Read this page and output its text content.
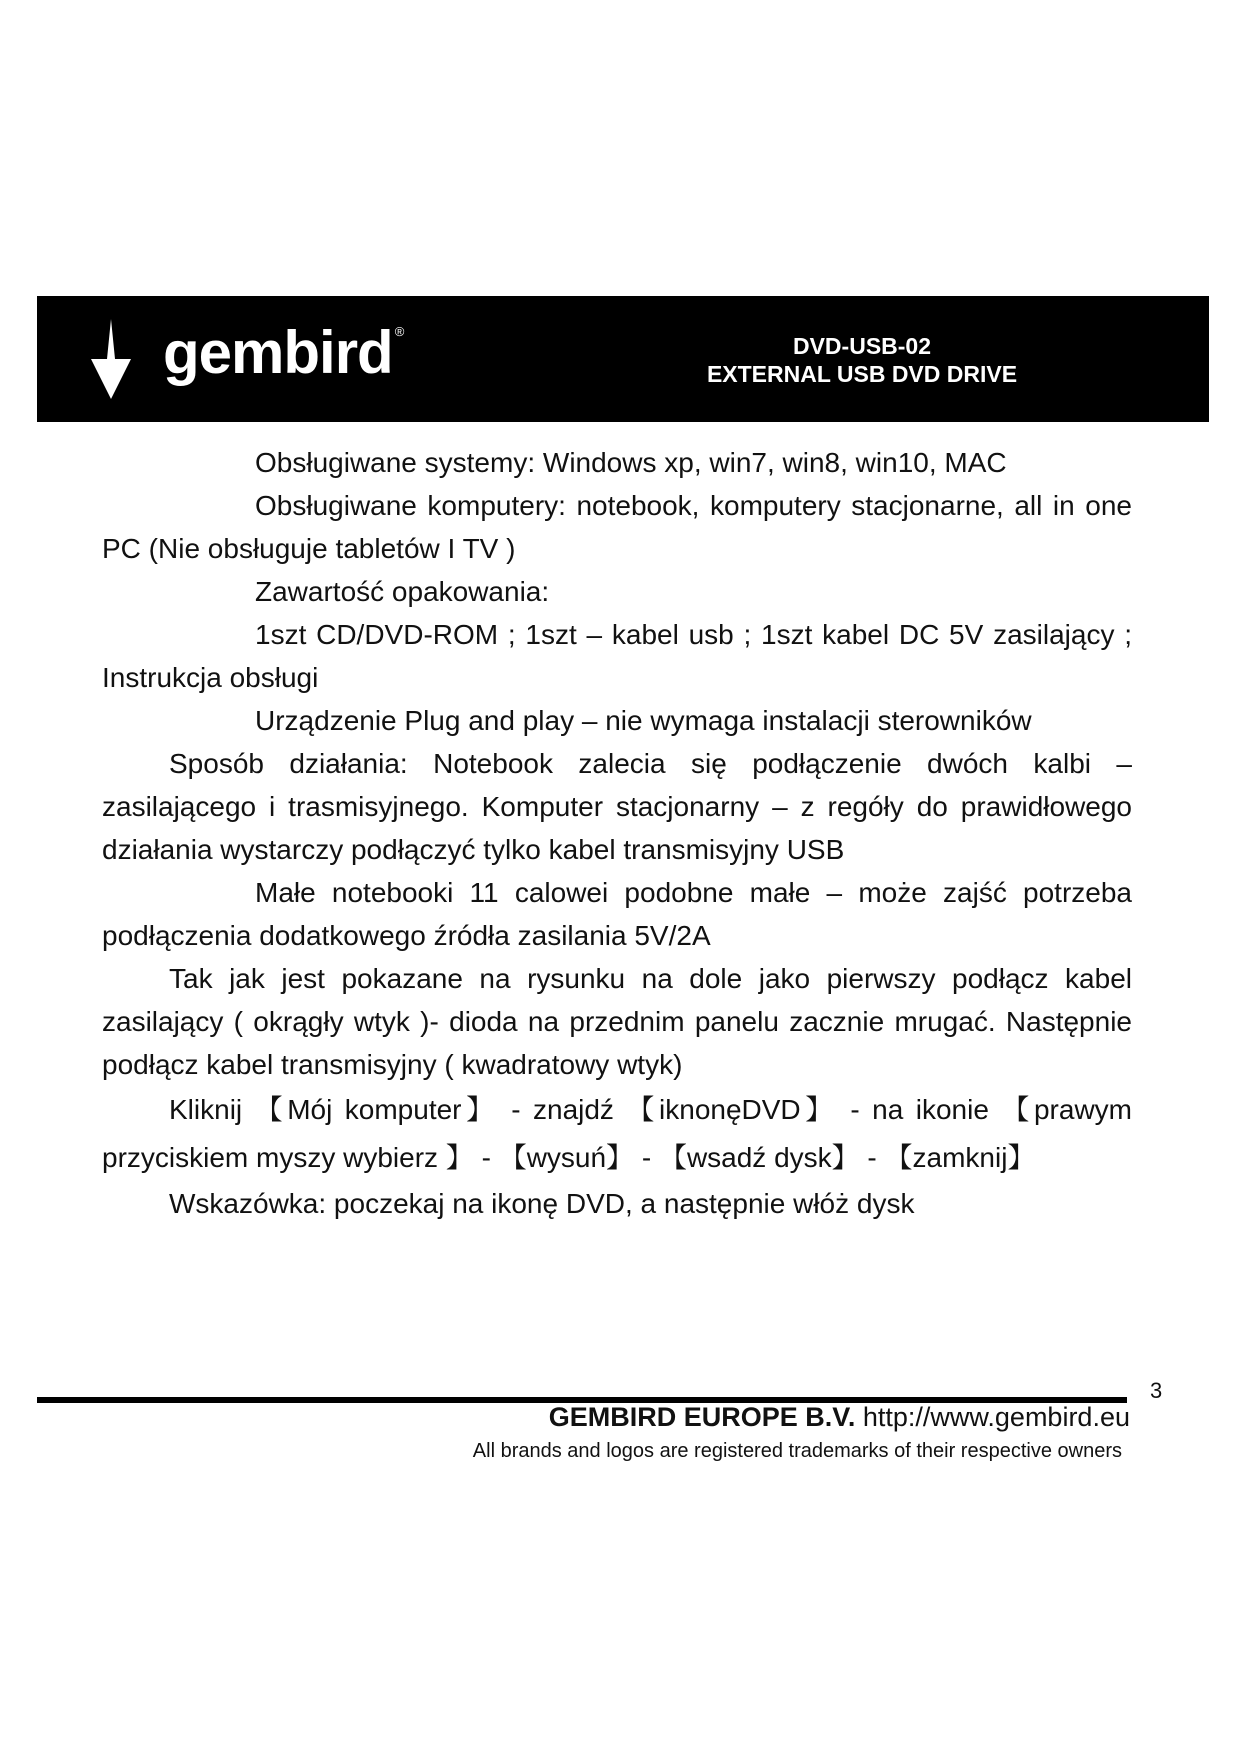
gembird ®
DVD-USB-02
EXTERNAL USB DVD DRIVE

Obsługiwane systemy: Windows xp, win7, win8, win10, MAC

Obsługiwane komputery: notebook, komputery stacjonarne, all in one PC (Nie obsługuje tabletów I TV )

Zawartość opakowania:

1szt CD/DVD-ROM ; 1szt – kabel usb ; 1szt kabel DC 5V zasilający ; Instrukcja obsługi

Urządzenie Plug and play – nie wymaga instalacji sterowników

Sposób działania: Notebook zalecia się podłączenie dwóch kalbi – zasilającego i trasmisyjnego. Komputer stacjonarny – z regóły do prawidłowego działania wystarczy podłączyć tylko kabel transmisyjny USB

Małe notebooki 11 calowei podobne małe – może zajść potrzeba podłączenia dodatkowego źródła zasilania 5V/2A

Tak jak jest pokazane na rysunku na dole jako pierwszy podłącz kabel zasilający ( okrągły wtyk )- dioda na przednim panelu zacznie mrugać. Następnie podłącz kabel transmisyjny ( kwadratowy wtyk)

Kliknij 【Mój komputer】 - znajdź 【iknonęDVD】 - na ikonie 【prawym przyciskiem myszy wybierz 】 - 【wysuń】 - 【wsadź dysk】 - 【zamknij】

Wskazówka: poczekaj na ikonę DVD, a następnie włóż dysk

3
GEMBIRD EUROPE B.V. http://www.gembird.eu
All brands and logos are registered trademarks of their respective owners
